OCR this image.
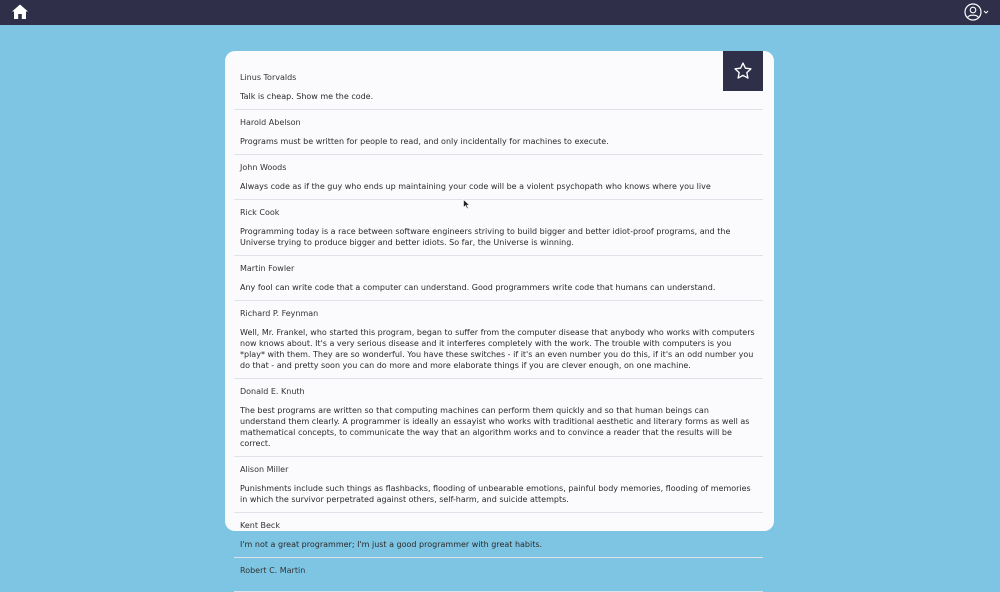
Linus Torvalds
Talk is cheap. Show me the code.
Harold Abelson
Programs must be written for people to read, and only incidentally for machines to execute.
John Woods
Always code as if the guy who ends up maintaining your code will be a violent psychopath who knows where you live
Rick Cook
Programming today is a race between software engineers striving to build bigger and better idiot-proof programs, and the Universe trying to produce bigger and better idiots. So far, the Universe is winning.
Martin Fowler
Any fool can write code that a computer can understand. Good programmers write code that humans can understand.
Richard P. Feynman
Well, Mr. Frankel, who started this program, began to suffer from the computer disease that anybody who works with computers now knows about. It's a very serious disease and it interferes completely with the work. The trouble with computers is you *play* with them. They are so wonderful. You have these switches - if it's an even number you do this, if it's an odd number you do that - and pretty soon you can do more and more elaborate things if you are clever enough, on one machine.
Donald E. Knuth
The best programs are written so that computing machines can perform them quickly and so that human beings can understand them clearly. A programmer is ideally an essayist who works with traditional aesthetic and literary forms as well as mathematical concepts, to communicate the way that an algorithm works and to convince a reader that the results will be correct.
Alison Miller
Punishments include such things as flashbacks, flooding of unbearable emotions, painful body memories, flooding of memories in which the survivor perpetrated against others, self-harm, and suicide attempts.
Kent Beck
I'm not a great programmer; I'm just a good programmer with great habits.
Robert C. Martin
